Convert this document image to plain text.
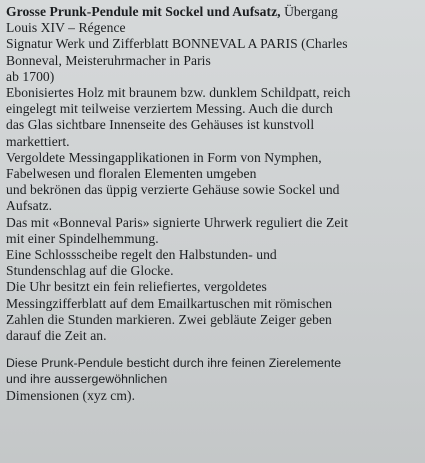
Grosse Prunk-Pendule mit Sockel und Aufsatz, Übergang
Louis XIV – Régence
Signatur Werk und Zifferblatt BONNEVAL A PARIS (Charles
Bonneval, Meisteruhrmacher in Paris
ab 1700)
Ebonisiertes Holz mit braunem bzw. dunklem Schildpatt, reich
eingelegt mit teilweise verziertem Messing. Auch die durch
das Glas sichtbare Innenseite des Gehäuses ist kunstvoll
markettiert.
Vergoldete Messingapplikationen in Form von Nymphen,
Fabelwesen und floralen Elementen umgeben
und bekrönen das üppig verzierte Gehäuse sowie Sockel und
Aufsatz.
Das mit «Bonneval Paris» signierte Uhrwerk reguliert die Zeit
mit einer Spindelhemmung.
Eine Schlossscheibe regelt den Halbstunden- und
Stundenschlag auf die Glocke.
Die Uhr besitzt ein fein reliefiertes, vergoldetes
Messingzifferblatt auf dem Emailkartuschen mit römischen
Zahlen die Stunden markieren. Zwei gebläute Zeiger geben
darauf die Zeit an.
Diese Prunk-Pendule besticht durch ihre feinen Zierelemente
und ihre aussergewöhnlichen
Dimensionen (xyz cm).
